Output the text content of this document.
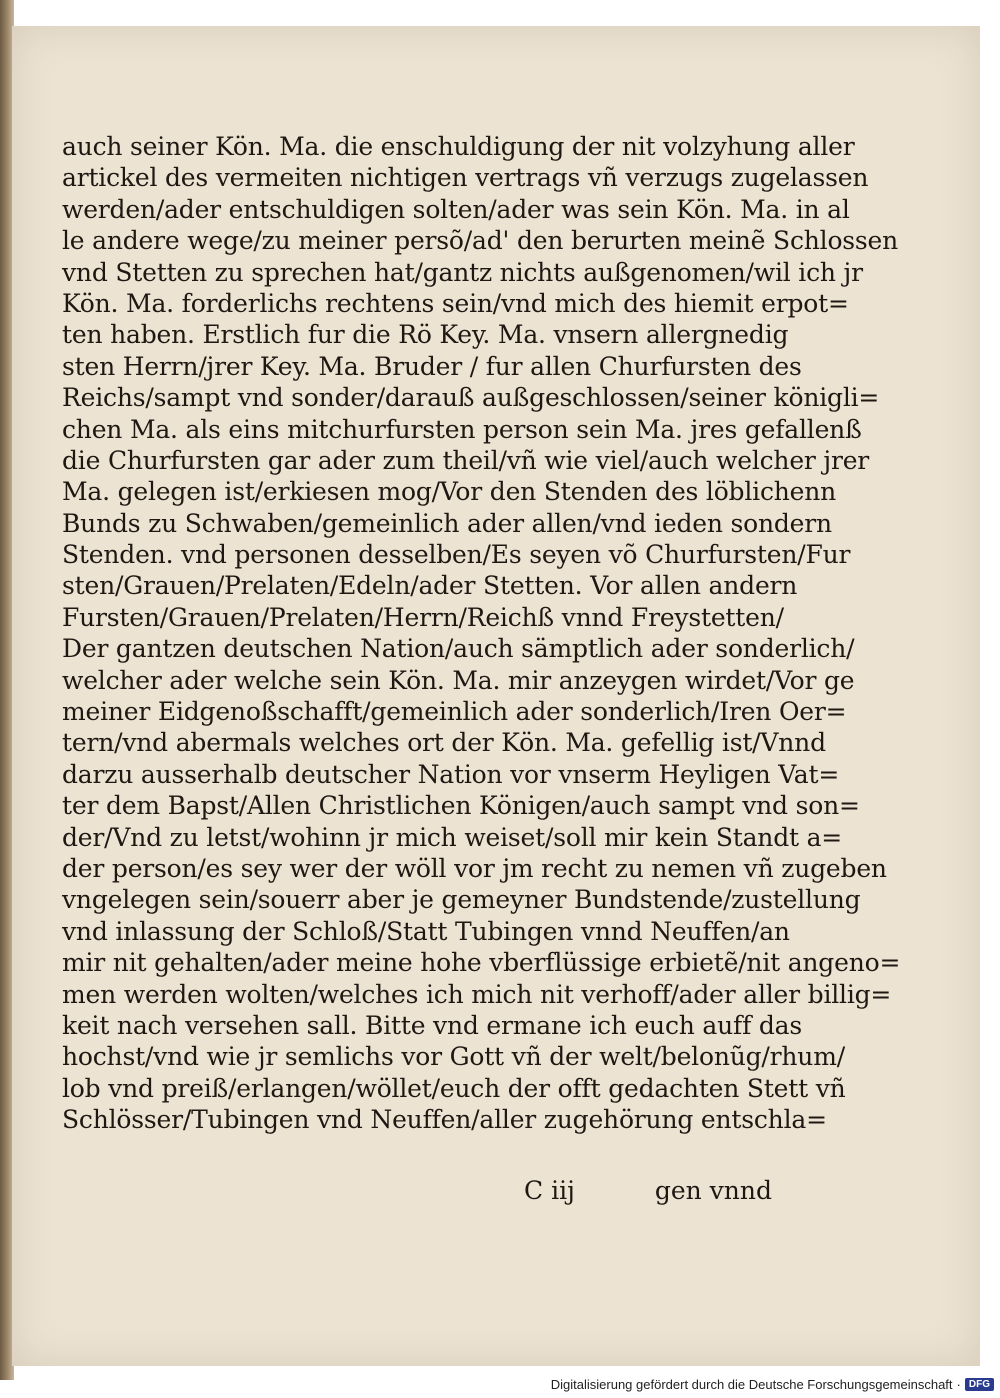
auch seiner Kön. Ma. die enschuldigung der nit volzyhung aller
artickel des vermeiten nichtigen vertrags vñ verzugs zugelassen
werden/ader entschuldigen solten/ader was sein Kön. Ma. in al
le andere wege/zu meiner persõ/ad' den berurten meinẽ Schlossen
vnd Stetten zu sprechen hat/gantz nichts außgenomen/wil ich jr
Kön. Ma. forderlichs rechtens sein/vnd mich des hiemit erpot=
ten haben. Erstlich fur die Rö Key. Ma. vnsern allergnedig
sten Herrn/jrer Key. Ma. Bruder / fur allen Churfursten des
Reichs/sampt vnd sonder/darauß außgeschlossen/seiner königli=
chen Ma. als eins mitchurfursten person sein Ma. jres gefallenß
die Churfursten gar ader zum theil/vñ wie viel/auch welcher jrer
Ma. gelegen ist/erkiesen mog/Vor den Stenden des löblichenn
Bunds zu Schwaben/gemeinlich ader allen/vnd ieden sondern
Stenden. vnd personen desselben/Es seyen võ Churfursten/Fur
sten/Grauen/Prelaten/Edeln/ader Stetten. Vor allen andern
Fursten/Grauen/Prelaten/Herrn/Reichß vnnd Freystetten/
Der gantzen deutschen Nation/auch sämptlich ader sonderlich/
welcher ader welche sein Kön. Ma. mir anzeygen wirdet/Vor ge
meiner Eidgenoßschafft/gemeinlich ader sonderlich/Iren Oer=
tern/vnd abermals welches ort der Kön. Ma. gefellig ist/Vnnd
darzu ausserhalb deutscher Nation vor vnserm Heyligen Vat=
ter dem Bapst/Allen Christlichen Königen/auch sampt vnd son=
der/Vnd zu letst/wohinn jr mich weiset/soll mir kein Standt a=
der person/es sey wer der wöll vor jm recht zu nemen vñ zugeben
vngelegen sein/souerr aber je gemeyner Bundstende/zustellung
vnd inlassung der Schloß/Statt Tubingen vnnd Neuffen/an
mir nit gehalten/ader meine hohe vberflüssige erbietẽ/nit angeno=
men werden wolten/welches ich mich nit verhoff/ader aller billig=
keit nach versehen sall. Bitte vnd ermane ich euch auff das
hochst/vnd wie jr semlichs vor Gott vñ der welt/belonũg/rhum/
lob vnd preiß/erlangen/wöllet/euch der offt gedachten Stett vñ
Schlösser/Tubingen vnd Neuffen/aller zugehörung entschla=
C iij	gen vnnd
Digitalisierung gefördert durch die Deutsche Forschungsgemeinschaft · DFG
